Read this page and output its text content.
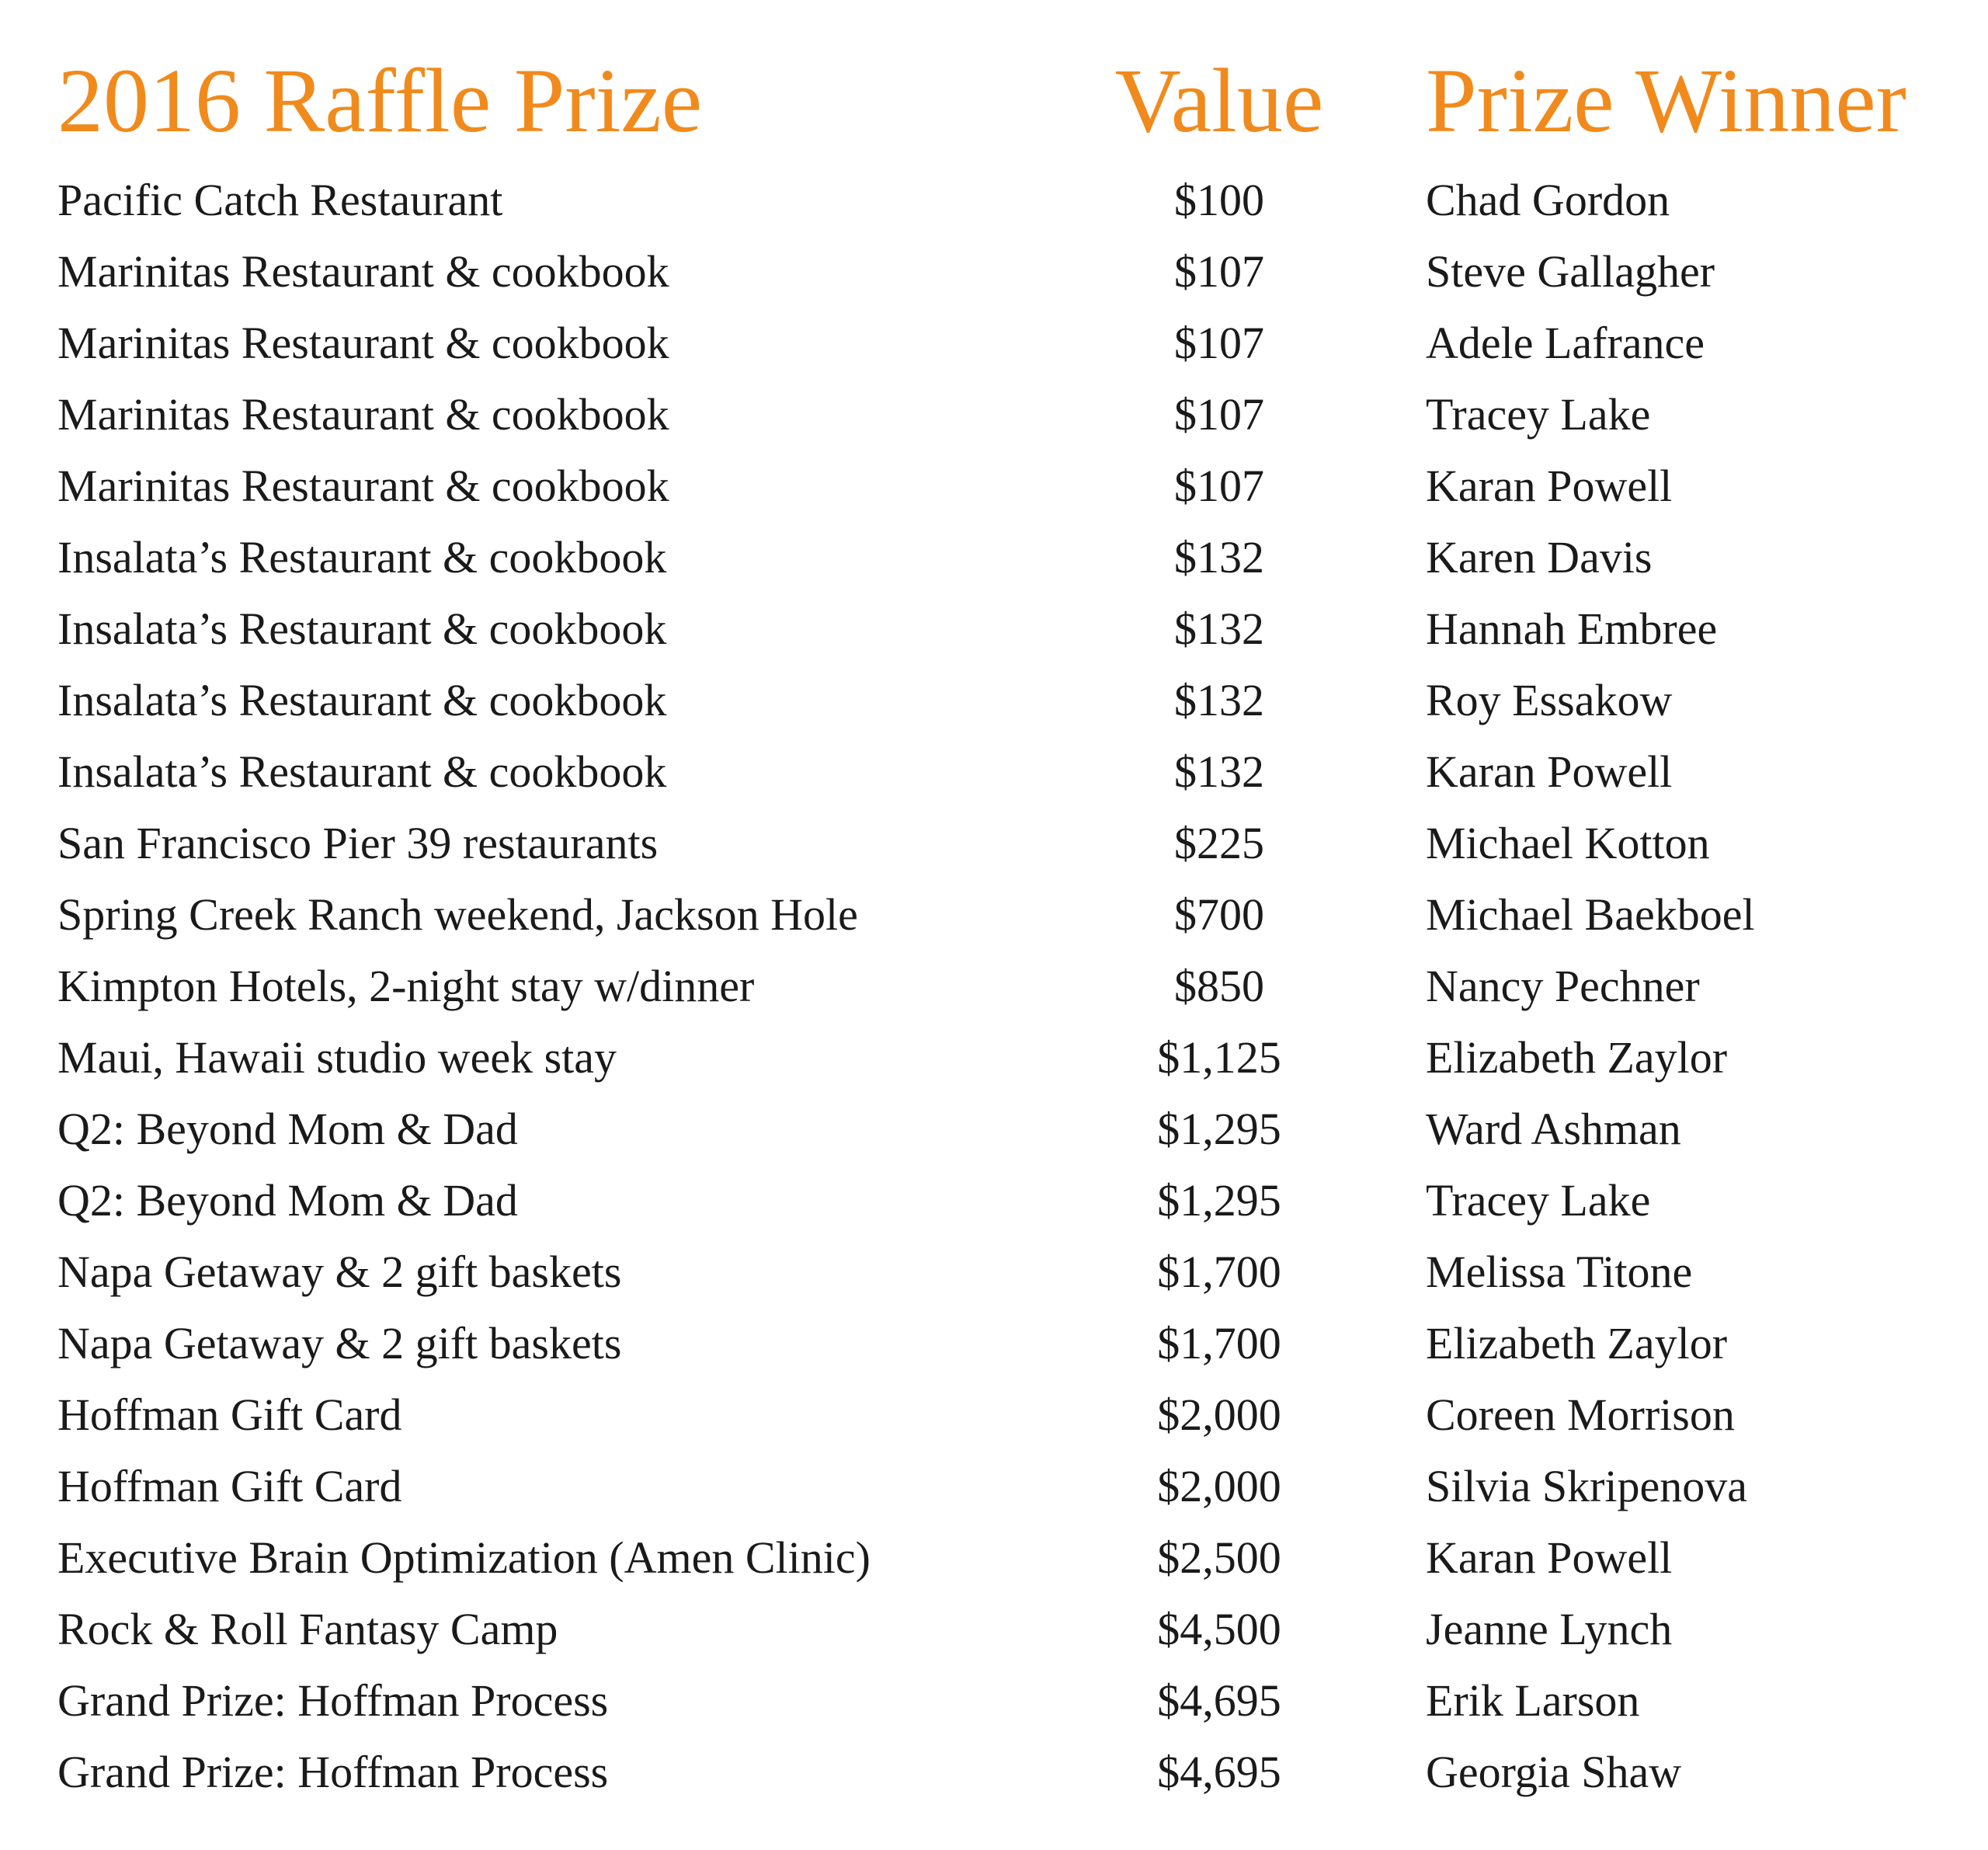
2016 Raffle Prize	Value	Prize Winner
Pacific Catch Restaurant	$100	Chad Gordon
Marinitas Restaurant & cookbook	$107	Steve Gallagher
Marinitas Restaurant & cookbook	$107	Adele Lafrance
Marinitas Restaurant & cookbook	$107	Tracey Lake
Marinitas Restaurant & cookbook	$107	Karan Powell
Insalata’s Restaurant & cookbook	$132	Karen Davis
Insalata’s Restaurant & cookbook	$132	Hannah Embree
Insalata’s Restaurant & cookbook	$132	Roy Essakow
Insalata’s Restaurant & cookbook	$132	Karan Powell
San Francisco Pier 39 restaurants	$225	Michael Kotton
Spring Creek Ranch weekend, Jackson Hole	$700	Michael Baekboel
Kimpton Hotels, 2-night stay w/dinner	$850	Nancy Pechner
Maui, Hawaii studio week stay	$1,125	Elizabeth Zaylor
Q2: Beyond Mom & Dad	$1,295	Ward Ashman
Q2: Beyond Mom & Dad	$1,295	Tracey Lake
Napa Getaway & 2 gift baskets	$1,700	Melissa Titone
Napa Getaway & 2 gift baskets	$1,700	Elizabeth Zaylor
Hoffman Gift Card	$2,000	Coreen Morrison
Hoffman Gift Card	$2,000	Silvia Skripenova
Executive Brain Optimization (Amen Clinic)	$2,500	Karan Powell
Rock & Roll Fantasy Camp	$4,500	Jeanne Lynch
Grand Prize: Hoffman Process	$4,695	Erik Larson
Grand Prize: Hoffman Process	$4,695	Georgia Shaw
